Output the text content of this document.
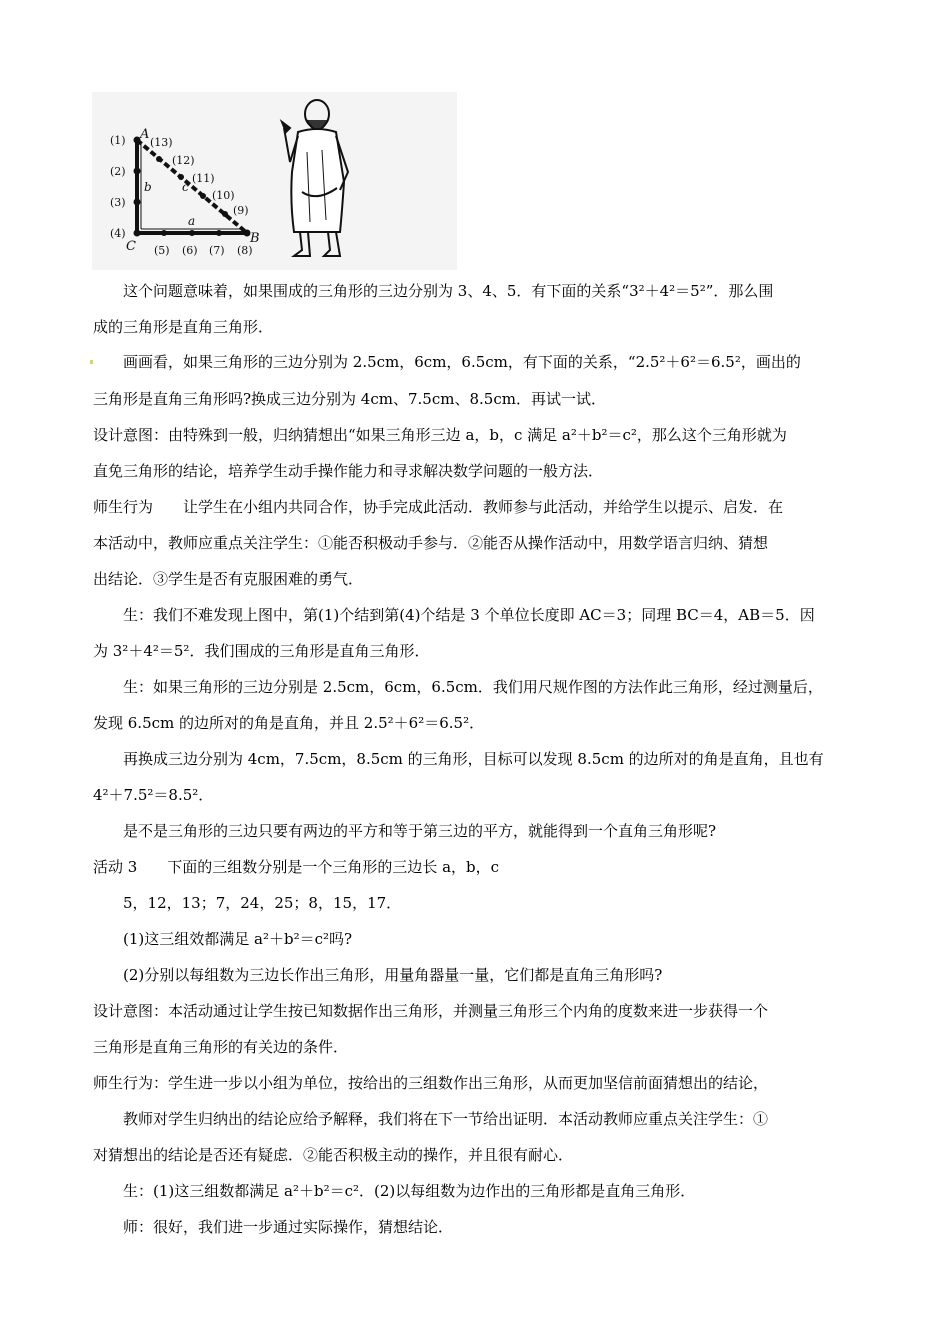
A
B
C
a
b	c
(1)
(2)
(3)
(4)
(5) (6) (7) (8)
(9)
(10)
(11)
(12)
(13)
这个问题意味着，如果围成的三角形的三边分别为 3、4、5．有下面的关系“3²＋4²＝5²”．那么围
成的三角形是直角三角形．
画画看，如果三角形的三边分别为 2.5cm，6cm，6.5cm，有下面的关系，“2.5²＋6²＝6.5²，画出的
三角形是直角三角形吗?换成三边分别为 4cm、7.5cm、8.5cm．再试一试．
设计意图：由特殊到一般，归纳猜想出“如果三角形三边 a，b，c 满足 a²＋b²＝c²，那么这个三角形就为
直免三角形的结论，培养学生动手操作能力和寻求解决数学问题的一般方法．
师生行为　　让学生在小组内共同合作，协手完成此活动．教师参与此活动，并给学生以提示、启发．在
本活动中，教师应重点关注学生：①能否积极动手参与．②能否从操作活动中，用数学语言归纳、猜想
出结论．③学生是否有克服困难的勇气．
生：我们不难发现上图中，第(1)个结到第(4)个结是 3 个单位长度即 AC＝3；同理 BC＝4，AB＝5．因
为 3²＋4²＝5²．我们围成的三角形是直角三角形．
生：如果三角形的三边分别是 2.5cm，6cm，6.5cm．我们用尺规作图的方法作此三角形，经过测量后，
发现 6.5cm 的边所对的角是直角，并且 2.5²＋6²＝6.5²．
再换成三边分别为 4cm，7.5cm，8.5cm 的三角形，目标可以发现 8.5cm 的边所对的角是直角，且也有
4²＋7.5²＝8.5²．
是不是三角形的三边只要有两边的平方和等于第三边的平方，就能得到一个直角三角形呢?
活动 3　　下面的三组数分别是一个三角形的三边长 a，b，c
5，12，13；7，24，25；8，15，17．
(1)这三组效都满足 a²＋b²＝c²吗?
(2)分别以每组数为三边长作出三角形，用量角器量一量，它们都是直角三角形吗?
设计意图：本活动通过让学生按已知数据作出三角形，并测量三角形三个内角的度数来进一步获得一个
三角形是直角三角形的有关边的条件．
师生行为：学生进一步以小组为单位，按给出的三组数作出三角形，从而更加坚信前面猜想出的结论，
教师对学生归纳出的结论应给予解释，我们将在下一节给出证明．本活动教师应重点关注学生：①
对猜想出的结论是否还有疑虑．②能否积极主动的操作，并且很有耐心．
生：(1)这三组数都满足 a²＋b²＝c²．(2)以每组数为边作出的三角形都是直角三角形．
师：很好，我们进一步通过实际操作，猜想结论．
